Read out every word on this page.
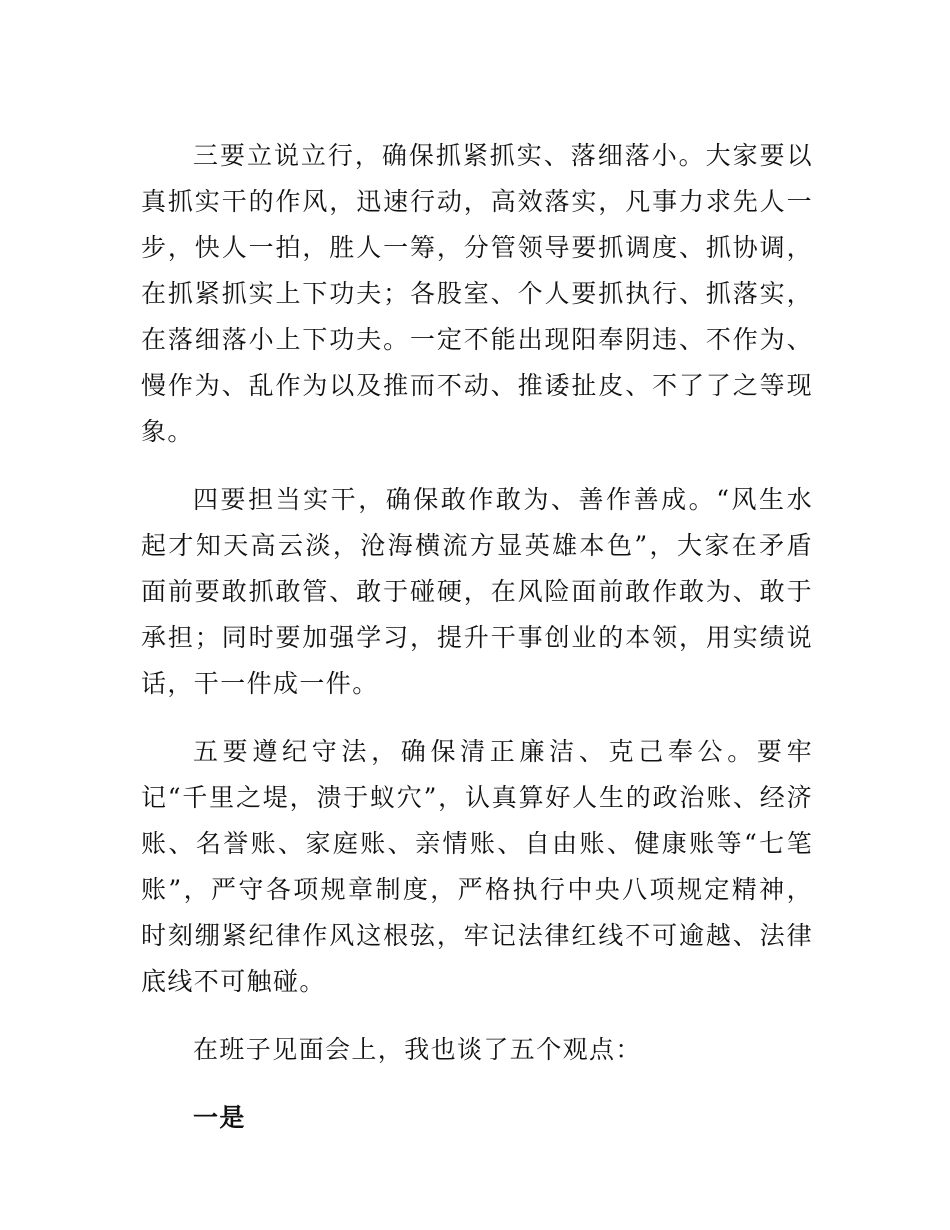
三要立说立行，确保抓紧抓实、落细落小。大家要以真抓实干的作风，迅速行动，高效落实，凡事力求先人一步，快人一拍，胜人一筹，分管领导要抓调度、抓协调，在抓紧抓实上下功夫；各股室、个人要抓执行、抓落实，在落细落小上下功夫。一定不能出现阳奉阴违、不作为、慢作为、乱作为以及推而不动、推诿扯皮、不了了之等现象。

四要担当实干，确保敢作敢为、善作善成。“风生水起才知天高云淡，沧海横流方显英雄本色”，大家在矛盾面前要敢抓敢管、敢于碰硬，在风险面前敢作敢为、敢于承担；同时要加强学习，提升干事创业的本领，用实绩说话，干一件成一件。

五要遵纪守法，确保清正廉洁、克己奉公。要牢记“千里之堤，溃于蚁穴”，认真算好人生的政治账、经济账、名誉账、家庭账、亲情账、自由账、健康账等“七笔账”，严守各项规章制度，严格执行中央八项规定精神，时刻绷紧纪律作风这根弦，牢记法律红线不可逾越、法律底线不可触碰。

在班子见面会上，我也谈了五个观点：

一是
